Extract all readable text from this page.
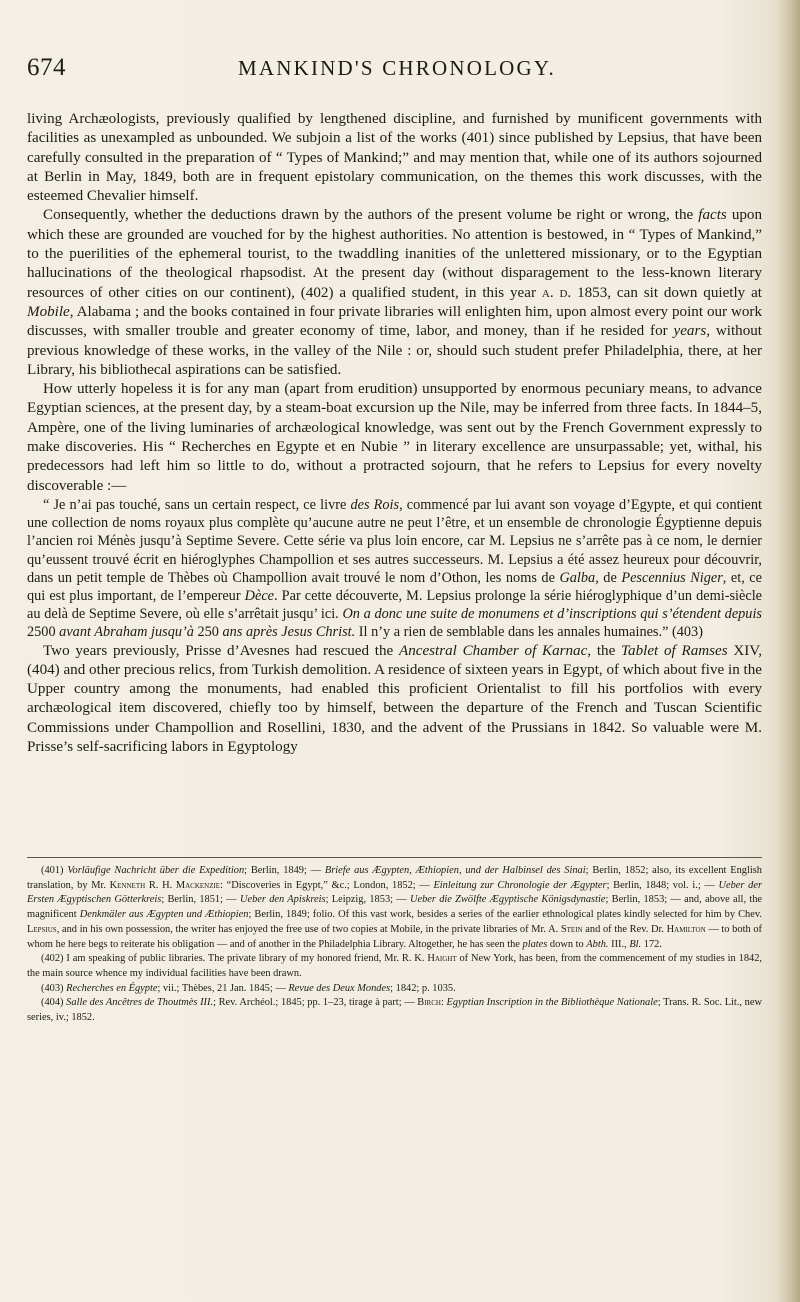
674	MANKIND'S CHRONOLOGY.

living Archæologists, previously qualified by lengthened discipline, and furnished by munificent governments with facilities as unexampled as unbounded. We subjoin a list of the works (401) since published by Lepsius, that have been carefully consulted in the preparation of “ Types of Mankind;” and may mention that, while one of its authors sojourned at Berlin in May, 1849, both are in frequent epistolary communication, on the themes this work discusses, with the esteemed Chevalier himself.

Consequently, whether the deductions drawn by the authors of the present volume be right or wrong, the facts upon which these are grounded are vouched for by the highest authorities. No attention is bestowed, in “ Types of Mankind,” to the puerilities of the ephemeral tourist, to the twaddling inanities of the unlettered missionary, or to the Egyptian hallucinations of the theological rhapsodist. At the present day (without disparagement to the less-known literary resources of other cities on our continent), (402) a qualified student, in this year a. d. 1853, can sit down quietly at Mobile, Alabama ; and the books contained in four private libraries will enlighten him, upon almost every point our work discusses, with smaller trouble and greater economy of time, labor, and money, than if he resided for years, without previous knowledge of these works, in the valley of the Nile : or, should such student prefer Philadelphia, there, at her Library, his bibliothecal aspirations can be satisfied.

How utterly hopeless it is for any man (apart from erudition) unsupported by enormous pecuniary means, to advance Egyptian sciences, at the present day, by a steam-boat excursion up the Nile, may be inferred from three facts. In 1844–5, Ampère, one of the living luminaries of archæological knowledge, was sent out by the French Government expressly to make discoveries. His “ Recherches en Egypte et en Nubie ” in literary excellence are unsurpassable; yet, withal, his predecessors had left him so little to do, without a protracted sojourn, that he refers to Lepsius for every novelty discoverable :—

“ Je n’ai pas touché, sans un certain respect, ce livre des Rois, commencé par lui avant son voyage d’Egypte, et qui contient une collection de noms royaux plus complète qu’aucune autre ne peut l’être, et un ensemble de chronologie Égyptienne depuis l’ancien roi Ménès jusqu’à Septime Severe. Cette série va plus loin encore, car M. Lepsius ne s’arrête pas à ce nom, le dernier qu’eussent trouvé écrit en hiéroglyphes Champollion et ses autres successeurs. M. Lepsius a été assez heureux pour découvrir, dans un petit temple de Thèbes où Champollion avait trouvé le nom d’Othon, les noms de Galba, de Pescennius Niger, et, ce qui est plus important, de l’empereur Dèce. Par cette découverte, M. Lepsius prolonge la série hiéroglyphique d’un demi-siècle au delà de Septime Severe, où elle s’arrêtait jusqu’ ici. On a donc une suite de monumens et d’inscriptions qui s’étendent depuis 2500 avant Abraham jusqu’à 250 ans après Jesus Christ. Il n’y a rien de semblable dans les annales humaines.” (403)

Two years previously, Prisse d’Avesnes had rescued the Ancestral Chamber of Karnac, the Tablet of Ramses XIV, (404) and other precious relics, from Turkish demolition. A residence of sixteen years in Egypt, of which about five in the Upper country among the monuments, had enabled this proficient Orientalist to fill his portfolios with every archæological item discovered, chiefly too by himself, between the departure of the French and Tuscan Scientific Commissions under Champollion and Rosellini, 1830, and the advent of the Prussians in 1842. So valuable were M. Prisse’s self-sacrificing labors in Egyptology

(401) Vorläufige Nachricht über die Expedition; Berlin, 1849; — Briefe aus Ægypten, Æthiopien, und der Halbinsel des Sinai; Berlin, 1852; also, its excellent English translation, by Mr. Kenneth R. H. Mackenzie: “Discoveries in Egypt,” &c.; London, 1852; — Einleitung zur Chronologie der Ægypter; Berlin, 1848; vol. i.; — Ueber der Ersten Ægyptischen Götterkreis; Berlin, 1851; — Ueber den Apiskreis; Leipzig, 1853; — Ueber die Zwölfte Ægyptische Königsdynastie; Berlin, 1853; — and, above all, the magnificent Denkmäler aus Ægypten und Æthiopien; Berlin, 1849; folio. Of this vast work, besides a series of the earlier ethnological plates kindly selected for him by Chev. Lepsius, and in his own possession, the writer has enjoyed the free use of two copies at Mobile, in the private libraries of Mr. A. Stein and of the Rev. Dr. Hamilton — to both of whom he here begs to reiterate his obligation — and of another in the Philadelphia Library. Altogether, he has seen the plates down to Abth. III., Bl. 172.

(402) I am speaking of public libraries. The private library of my honored friend, Mr. R. K. Haight of New York, has been, from the commencement of my studies in 1842, the main source whence my individual facilities have been drawn.

(403) Recherches en Égypte; vii.; Thèbes, 21 Jan. 1845; — Revue des Deux Mondes; 1842; p. 1035.

(404) Salle des Ancêtres de Thoutmès III.; Rev. Archéol.; 1845; pp. 1–23, tirage à part; — Birch: Egyptian Inscription in the Bibliothèque Nationale; Trans. R. Soc. Lit., new series, iv.; 1852.
